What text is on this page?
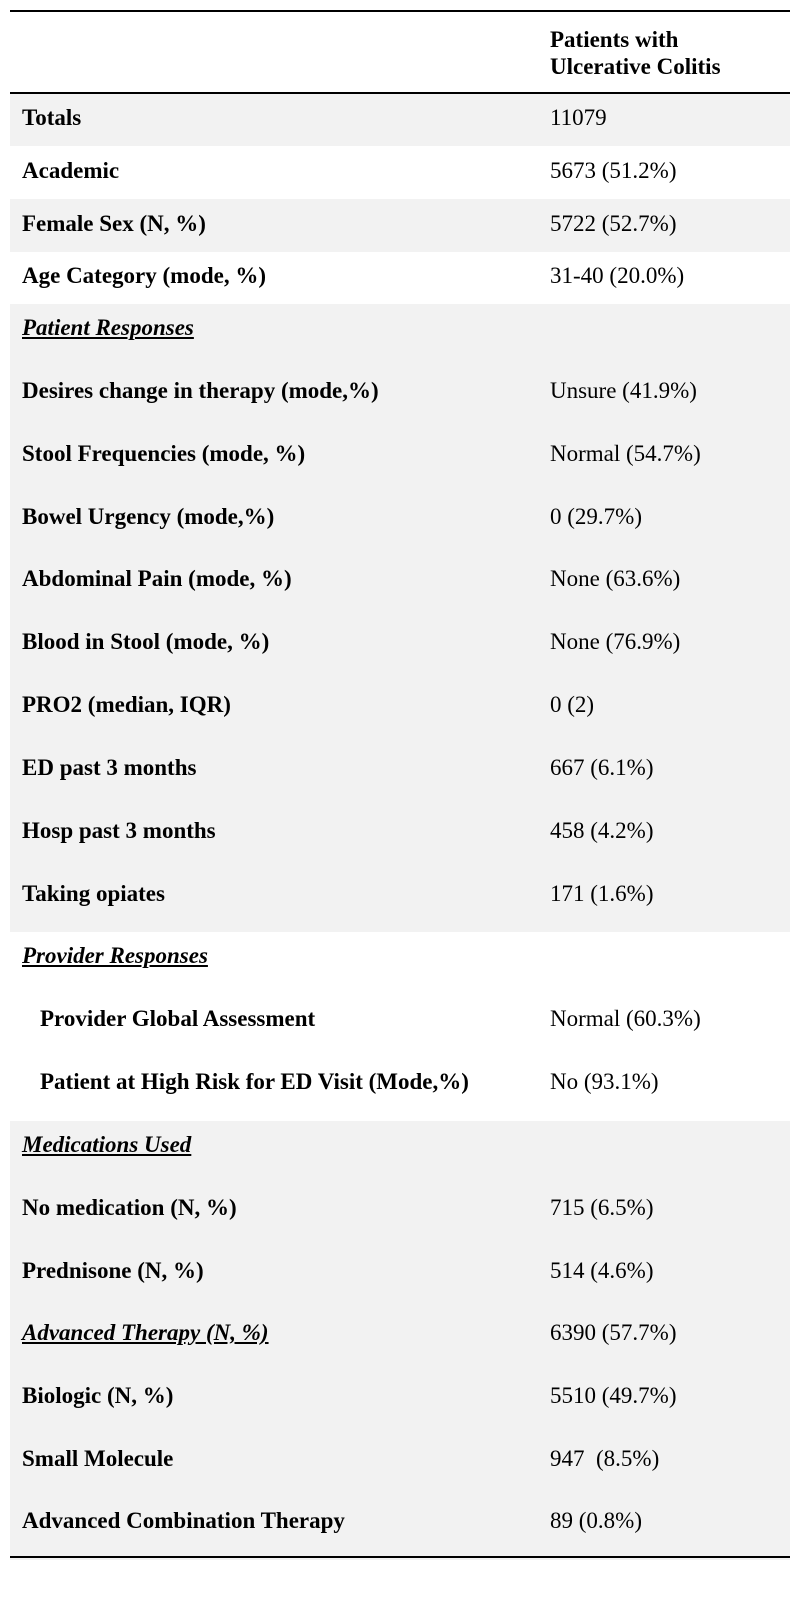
Patients with
Ulcerative Colitis
Totals	11079
Academic	5673 (51.2%)
Female Sex (N, %)	5722 (52.7%)
Age Category (mode, %)	31-40 (20.0%)
Patient Responses
Desires change in therapy (mode,%)	Unsure (41.9%)
Stool Frequencies (mode, %)	Normal (54.7%)
Bowel Urgency (mode,%)	0 (29.7%)
Abdominal Pain (mode, %)	None (63.6%)
Blood in Stool (mode, %)	None (76.9%)
PRO2 (median, IQR)	0 (2)
ED past 3 months	667 (6.1%)
Hosp past 3 months	458 (4.2%)
Taking opiates	171 (1.6%)
Provider Responses
Provider Global Assessment	Normal (60.3%)
Patient at High Risk for ED Visit (Mode,%)	No (93.1%)
Medications Used
No medication (N, %)	715 (6.5%)
Prednisone (N, %)	514 (4.6%)
Advanced Therapy (N, %)	6390 (57.7%)
Biologic (N, %)	5510 (49.7%)
Small Molecule	947  (8.5%)
Advanced Combination Therapy	89 (0.8%)
